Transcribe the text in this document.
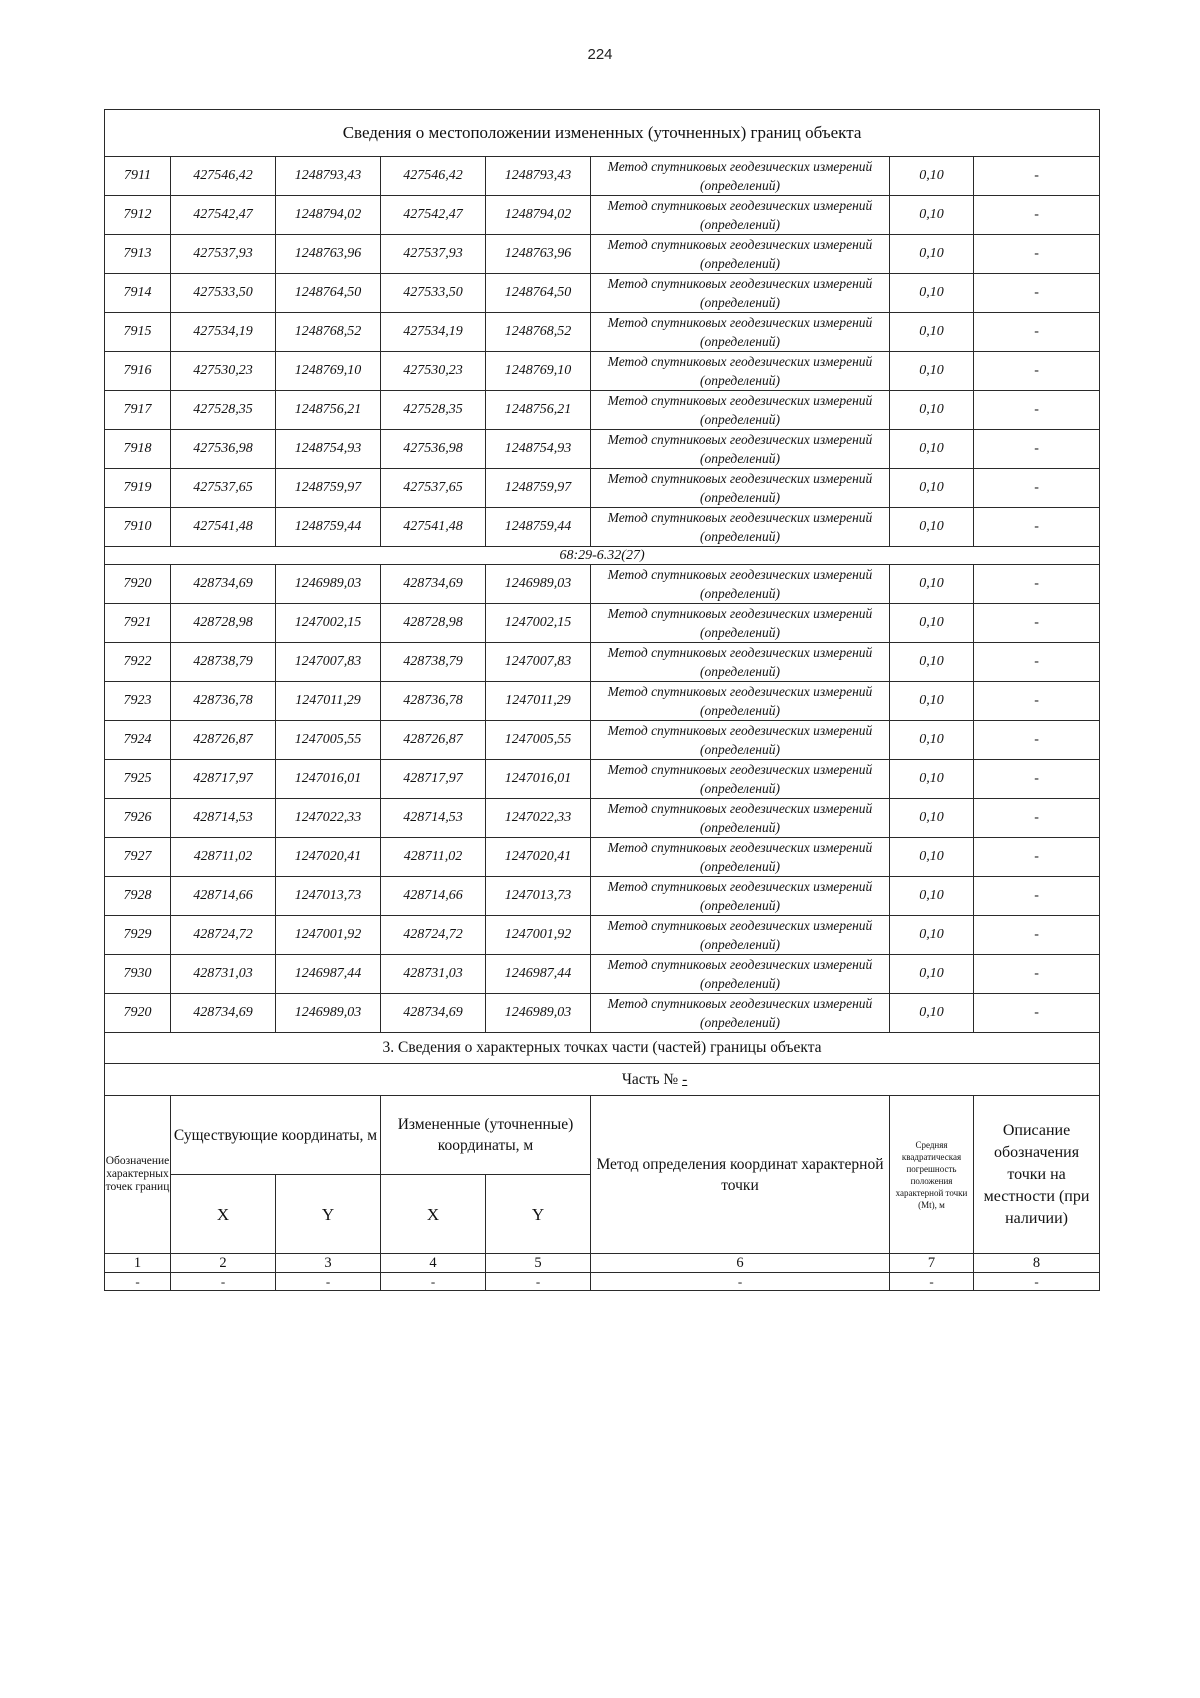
224
Сведения о местоположении измененных (уточненных) границ объекта							
7911	427546,42	1248793,43	427546,42	1248793,43	Метод спутниковых геодезических измерений (определений)	0,10	-
7912	427542,47	1248794,02	427542,47	1248794,02	Метод спутниковых геодезических измерений (определений)	0,10	-
7913	427537,93	1248763,96	427537,93	1248763,96	Метод спутниковых геодезических измерений (определений)	0,10	-
7914	427533,50	1248764,50	427533,50	1248764,50	Метод спутниковых геодезических измерений (определений)	0,10	-
7915	427534,19	1248768,52	427534,19	1248768,52	Метод спутниковых геодезических измерений (определений)	0,10	-
7916	427530,23	1248769,10	427530,23	1248769,10	Метод спутниковых геодезических измерений (определений)	0,10	-
7917	427528,35	1248756,21	427528,35	1248756,21	Метод спутниковых геодезических измерений (определений)	0,10	-
7918	427536,98	1248754,93	427536,98	1248754,93	Метод спутниковых геодезических измерений (определений)	0,10	-
7919	427537,65	1248759,97	427537,65	1248759,97	Метод спутниковых геодезических измерений (определений)	0,10	-
7910	427541,48	1248759,44	427541,48	1248759,44	Метод спутниковых геодезических измерений (определений)	0,10	-
68:29-6.32(27)							
7920	428734,69	1246989,03	428734,69	1246989,03	Метод спутниковых геодезических измерений (определений)	0,10	-
7921	428728,98	1247002,15	428728,98	1247002,15	Метод спутниковых геодезических измерений (определений)	0,10	-
7922	428738,79	1247007,83	428738,79	1247007,83	Метод спутниковых геодезических измерений (определений)	0,10	-
7923	428736,78	1247011,29	428736,78	1247011,29	Метод спутниковых геодезических измерений (определений)	0,10	-
7924	428726,87	1247005,55	428726,87	1247005,55	Метод спутниковых геодезических измерений (определений)	0,10	-
7925	428717,97	1247016,01	428717,97	1247016,01	Метод спутниковых геодезических измерений (определений)	0,10	-
7926	428714,53	1247022,33	428714,53	1247022,33	Метод спутниковых геодезических измерений (определений)	0,10	-
7927	428711,02	1247020,41	428711,02	1247020,41	Метод спутниковых геодезических измерений (определений)	0,10	-
7928	428714,66	1247013,73	428714,66	1247013,73	Метод спутниковых геодезических измерений (определений)	0,10	-
7929	428724,72	1247001,92	428724,72	1247001,92	Метод спутниковых геодезических измерений (определений)	0,10	-
7930	428731,03	1246987,44	428731,03	1246987,44	Метод спутниковых геодезических измерений (определений)	0,10	-
7920	428734,69	1246989,03	428734,69	1246989,03	Метод спутниковых геодезических измерений (определений)	0,10	-
3. Сведения о характерных точках части (частей) границы объекта							
Часть № -							
Обозначение характерных точек границ	Существующие координаты, м		Измененные (уточненные) координаты, м		Метод определения координат характерной точки	Средняя квадратическая погрешность положения характерной точки (Mt), м	Описание обозначения точки на местности (при наличии)
	X	Y	X	Y			
1	2	3	4	5	6	7	8
-	-	-	-	-	-	-	-
